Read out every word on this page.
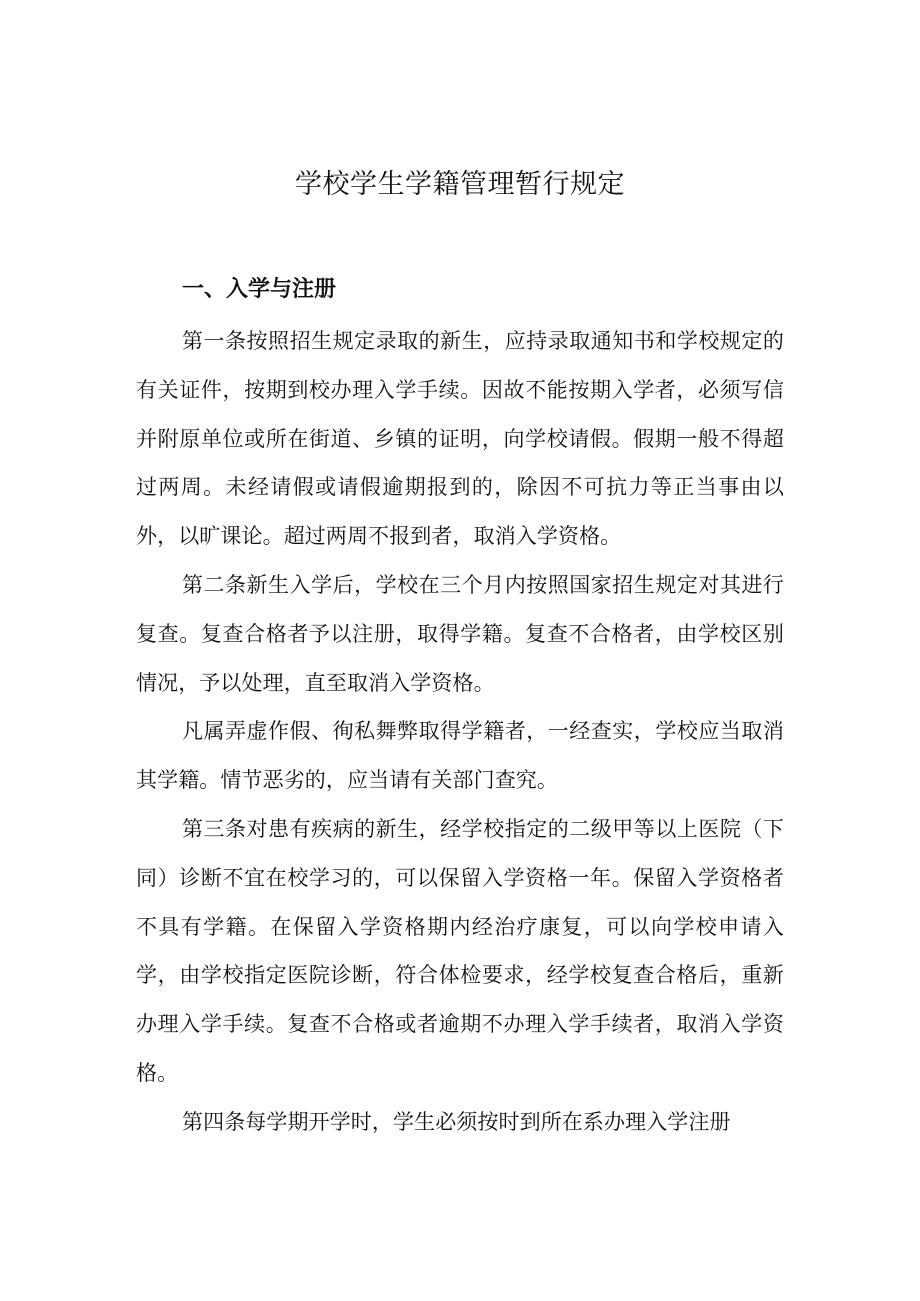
学校学生学籍管理暂行规定
一、入学与注册

第一条按照招生规定录取的新生，应持录取通知书和学校规定的有关证件，按期到校办理入学手续。因故不能按期入学者，必须写信并附原单位或所在街道、乡镇的证明，向学校请假。假期一般不得超过两周。未经请假或请假逾期报到的，除因不可抗力等正当事由以外，以旷课论。超过两周不报到者，取消入学资格。

第二条新生入学后，学校在三个月内按照国家招生规定对其进行复查。复查合格者予以注册，取得学籍。复查不合格者，由学校区别情况，予以处理，直至取消入学资格。

凡属弄虚作假、徇私舞弊取得学籍者，一经查实，学校应当取消其学籍。情节恶劣的，应当请有关部门查究。

第三条对患有疾病的新生，经学校指定的二级甲等以上医院（下同）诊断不宜在校学习的，可以保留入学资格一年。保留入学资格者不具有学籍。在保留入学资格期内经治疗康复，可以向学校申请入学，由学校指定医院诊断，符合体检要求，经学校复查合格后，重新办理入学手续。复查不合格或者逾期不办理入学手续者，取消入学资格。

第四条每学期开学时，学生必须按时到所在系办理入学注册
